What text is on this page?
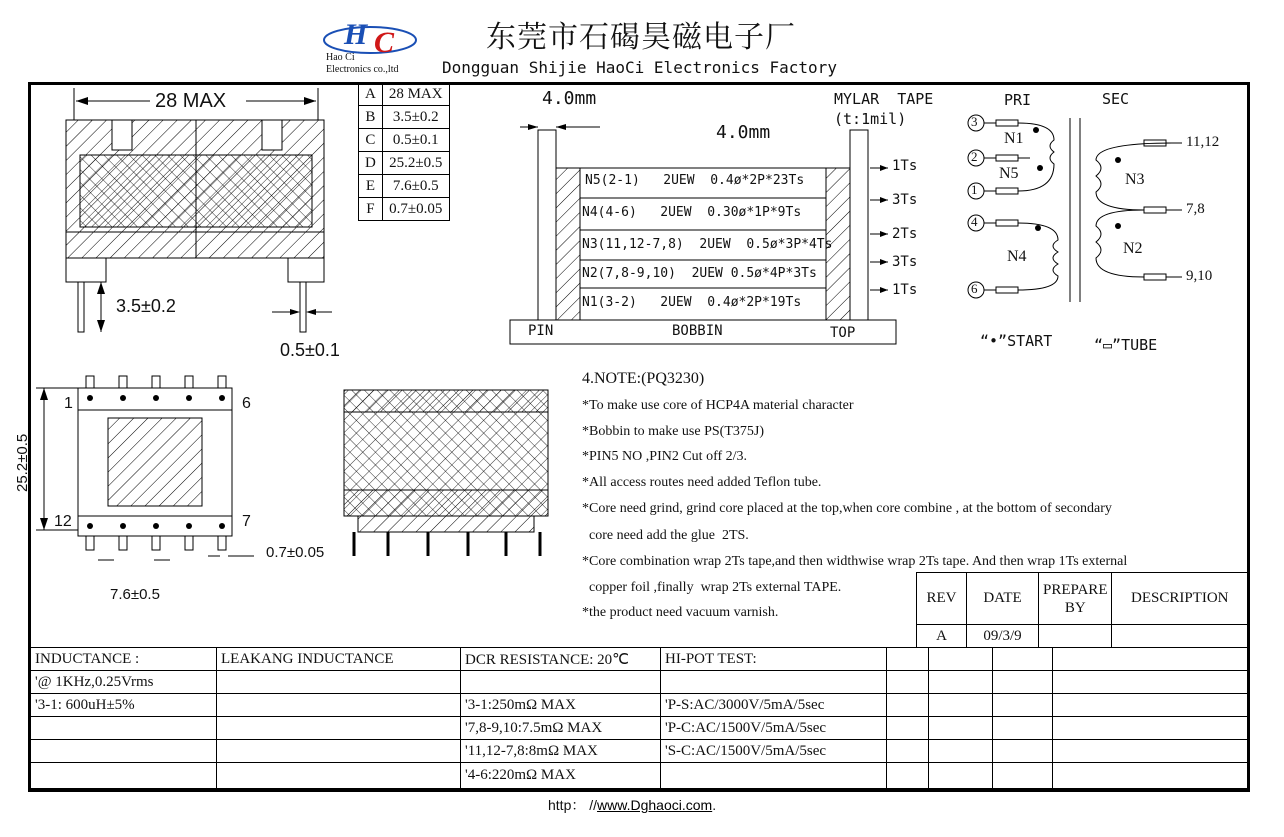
H C
Hao Ci
Electronics co.,ltd
东莞市石碣昊磁电子厂
Dongguan Shijie HaoCi Electronics Factory
A	28 MAX
B	3.5±0.2
C	0.5±0.1
D	25.2±0.5
E	7.6±0.5
F	0.7±0.05
28 MAX
3.5±0.2
0.5±0.1
1	6
12	7
25.2±0.5
7.6±0.5
0.7±0.05
4.0mm
4.0mm
MYLAR  TAPE
(t:1mil)
N5(2-1)   2UEW  0.4ø*2P*23Ts
N4(4-6)   2UEW  0.30ø*1P*9Ts
N3(11,12-7,8)  2UEW  0.5ø*3P*4Ts
N2(7,8-9,10)  2UEW 0.5ø*4P*3Ts
N1(3-2)   2UEW  0.4ø*2P*19Ts
1Ts
3Ts
2Ts
3Ts
1Ts
PIN	BOBBIN	TOP
PRI	SEC
3
2
1
4
6
N1
N5
N4
N3
N2
11,12
7,8
9,10
“•”START	“▭”TUBE
4.NOTE:(PQ3230)
*To make use core of HCP4A material character
*Bobbin to make use PS(T375J)
*PIN5 NO ,PIN2 Cut off 2/3.
*All access routes need added Teflon tube.
*Core need grind, grind core placed at the top,when core combine , at the bottom of secondary
core need add the glue  2TS.
*Core combination wrap 2Ts tape,and then widthwise wrap 2Ts tape. And then wrap 1Ts external
copper foil ,finally  wrap 2Ts external TAPE.
*the product need vacuum varnish.
REV	DATE	PREPARE BY	DESCRIPTION
A	09/3/9		
INDUCTANCE :	LEAKANG INDUCTANCE	DCR RESISTANCE: 20℃	HI-POT TEST:				
'@ 1KHz,0.25Vrms							
'3-1: 600uH±5%		'3-1:250mΩ MAX	'P-S:AC/3000V/5mA/5sec				
		'7,8-9,10:7.5mΩ MAX	'P-C:AC/1500V/5mA/5sec				
		'11,12-7,8:8mΩ MAX	'S-C:AC/1500V/5mA/5sec				
		'4-6:220mΩ MAX					
http： //www.Dghaoci.com.
